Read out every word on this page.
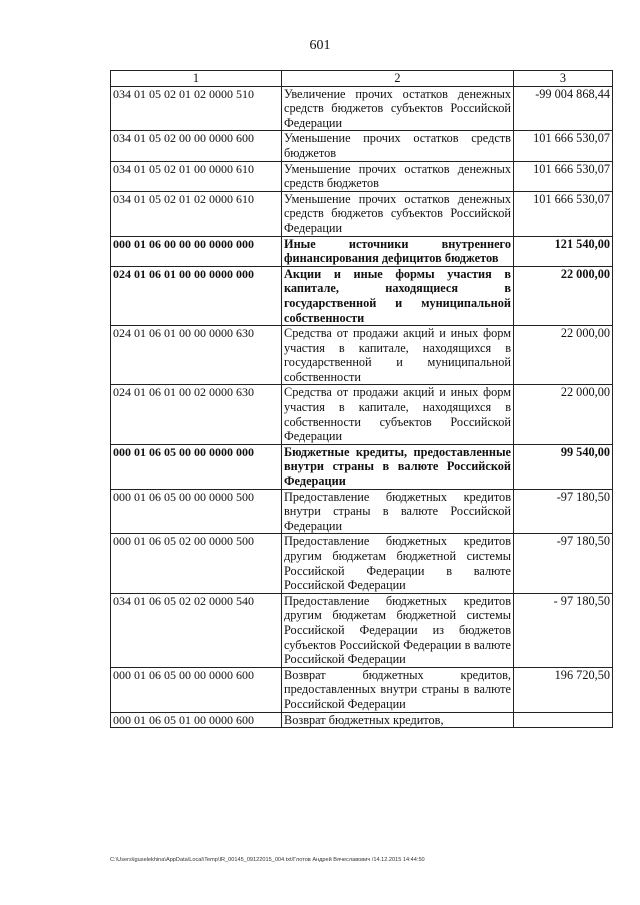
601
1	2	3
034 01 05 02 01 02 0000 510	Увеличение прочих остатков денежных средств бюджетов субъектов Российской Федерации	-99 004 868,44
034 01 05 02 00 00 0000 600	Уменьшение прочих остатков средств бюджетов	101 666 530,07
034 01 05 02 01 00 0000 610	Уменьшение прочих остатков денежных средств бюджетов	101 666 530,07
034 01 05 02 01 02 0000 610	Уменьшение прочих остатков денежных средств бюджетов субъектов Российской Федерации	101 666 530,07
000 01 06 00 00 00 0000 000	Иные источники внутреннего финансирования дефицитов бюджетов	121 540,00
024 01 06 01 00 00 0000 000	Акции и иные формы участия в капитале, находящиеся в государственной и муниципальной собственности	22 000,00
024 01 06 01 00 00 0000 630	Средства от продажи акций и иных форм участия в капитале, находящихся в государственной и муниципальной собственности	22 000,00
024 01 06 01 00 02 0000 630	Средства от продажи акций и иных форм участия в капитале, находящихся в собственности субъектов Российской Федерации	22 000,00
000 01 06 05 00 00 0000 000	Бюджетные кредиты, предоставленные внутри страны в валюте Российской Федерации	99 540,00
000 01 06 05 00 00 0000 500	Предоставление бюджетных кредитов внутри страны в валюте Российской Федерации	-97 180,50
000 01 06 05 02 00 0000 500	Предоставление бюджетных кредитов другим бюджетам бюджетной системы Российской Федерации в валюте Российской Федерации	-97 180,50
034 01 06 05 02 02 0000 540	Предоставление бюджетных кредитов другим бюджетам бюджетной системы Российской Федерации из бюджетов субъектов Российской Федерации в валюте Российской Федерации	- 97 180,50
000 01 06 05 00 00 0000 600	Возврат бюджетных кредитов, предоставленных внутри страны в валюте Российской Федерации	196 720,50
000 01 06 05 01 00 0000 600	Возврат бюджетных кредитов,	
C:\Users\iguselekhina\AppData\Local\Temp\IR_00145_09122015_004.txt/Глотов Андрей Вячеславович /14.12.2015 14:44:50
